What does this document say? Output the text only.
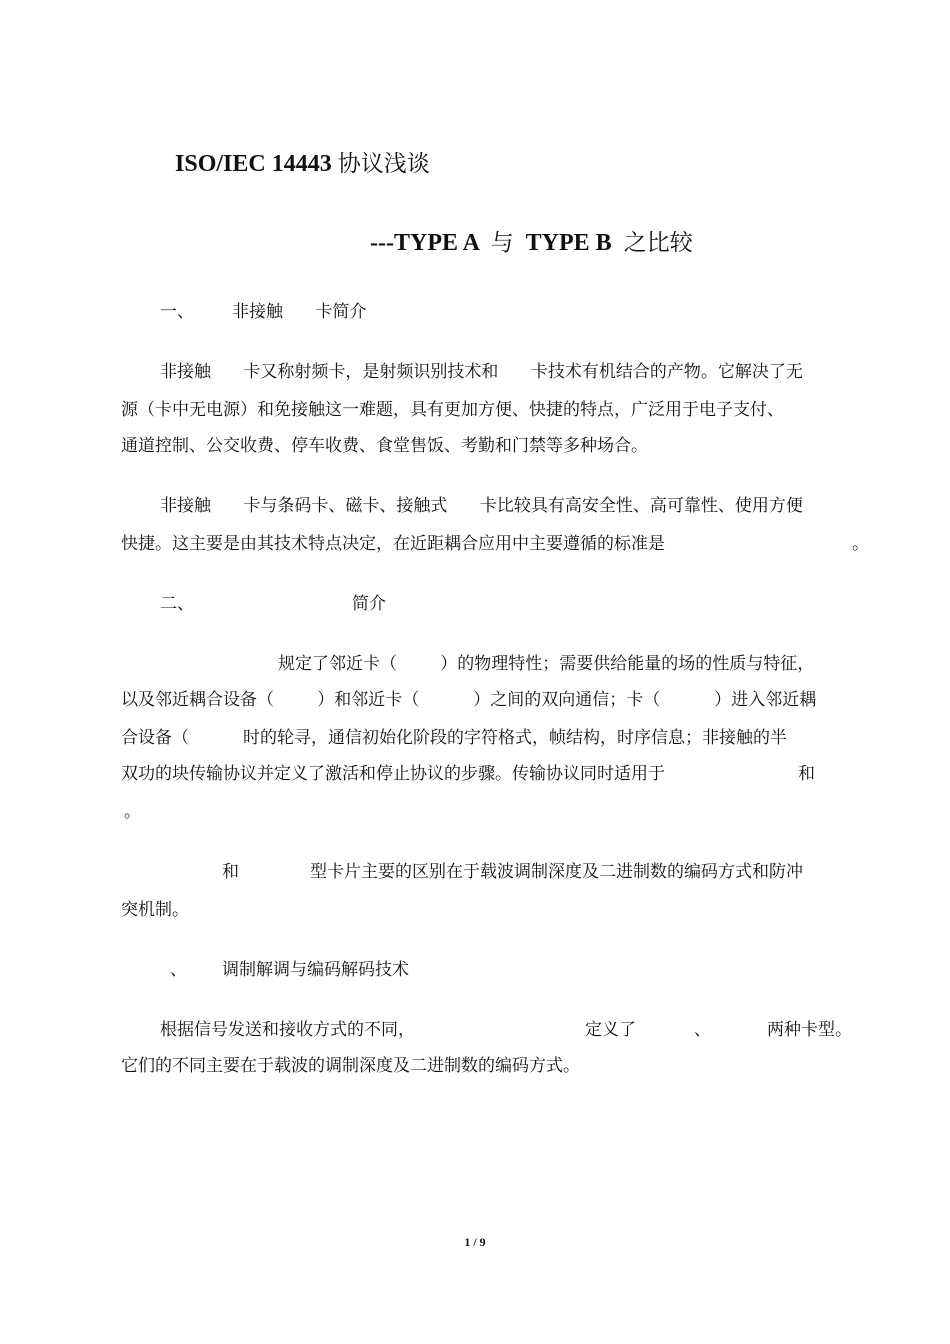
ISO/IEC 14443 协议浅谈
---TYPE A  与  TYPE B  之比较
一、 非接触      卡简介
非接触      卡又称射频卡，是射频识别技术和      卡技术有机结合的产物。它解决了无
源（卡中无电源）和免接触这一难题，具有更加方便、快捷的特点，广泛用于电子支付、
通道控制、公交收费、停车收费、食堂售饭、考勤和门禁等多种场合。
非接触      卡与条码卡、磁卡、接触式      卡比较具有高安全性、高可靠性、使用方便
快捷。这主要是由其技术特点决定，在近距耦合应用中主要遵循的标准是	。
二、	简介
规定了邻近卡（        ）的物理特性；需要供给能量的场的性质与特征，
以及邻近耦合设备（        ）和邻近卡（          ）之间的双向通信；卡（          ）进入邻近耦
合设备（          时的轮寻，通信初始化阶段的字符格式，帧结构，时序信息；非接触的半
双功的块传输协议并定义了激活和停止协议的步骤。传输协议同时适用于	和
。
和	型卡片主要的区别在于载波调制深度及二进制数的编码方式和防冲
突机制。
、 调制解调与编码解码技术
根据信号发送和接收方式的不同，	定义了	、	两种卡型。
它们的不同主要在于载波的调制深度及二进制数的编码方式。
1 / 9
